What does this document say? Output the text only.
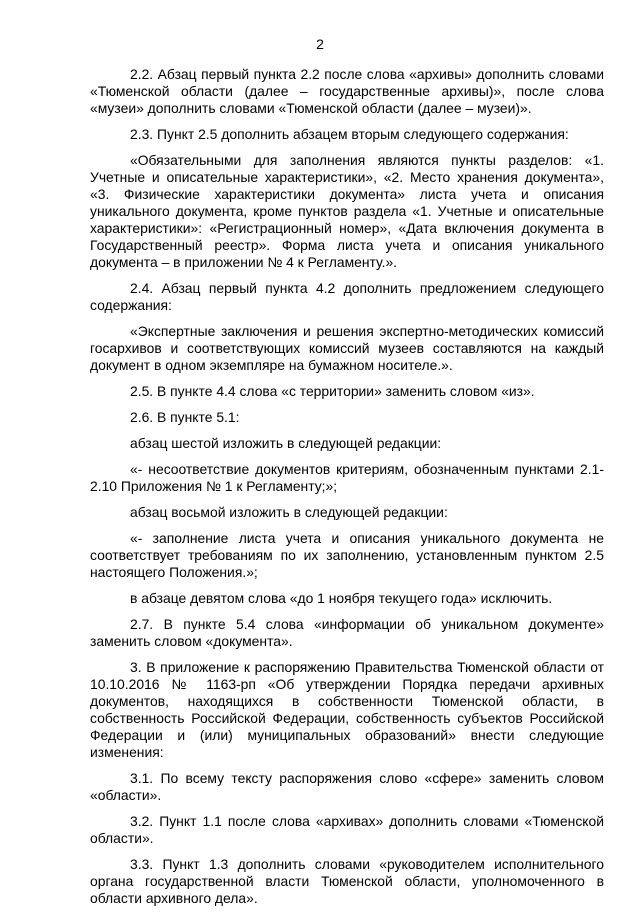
2

2.2. Абзац первый пункта 2.2 после слова «архивы» дополнить словами «Тюменской области (далее – государственные архивы)», после слова «музеи» дополнить словами «Тюменской области (далее – музеи)».

2.3. Пункт 2.5 дополнить абзацем вторым следующего содержания:

«Обязательными для заполнения являются пункты разделов: «1. Учетные и описательные характеристики», «2. Место хранения документа», «3. Физические характеристики документа» листа учета и описания уникального документа, кроме пунктов раздела «1. Учетные и описательные характеристики»: «Регистрационный номер», «Дата включения документа в Государственный реестр». Форма листа учета и описания уникального документа – в приложении № 4 к Регламенту.».

2.4. Абзац первый пункта 4.2 дополнить предложением следующего содержания:

«Экспертные заключения и решения экспертно-методических комиссий госархивов и соответствующих комиссий музеев составляются на каждый документ в одном экземпляре на бумажном носителе.».

2.5. В пункте 4.4 слова «с территории» заменить словом «из».

2.6. В пункте 5.1:

абзац шестой изложить в следующей редакции:

«- несоответствие документов критериям, обозначенным пунктами 2.1-2.10 Приложения № 1 к Регламенту;»;

абзац восьмой изложить в следующей редакции:

«- заполнение листа учета и описания уникального документа не соответствует требованиям по их заполнению, установленным пунктом 2.5 настоящего Положения.»;

в абзаце девятом слова «до 1 ноября текущего года» исключить.

2.7. В пункте 5.4 слова «информации об уникальном документе» заменить словом «документа».

3. В приложение к распоряжению Правительства Тюменской области от 10.10.2016 № 1163-рп «Об утверждении Порядка передачи архивных документов, находящихся в собственности Тюменской области, в собственность Российской Федерации, собственность субъектов Российской Федерации и (или) муниципальных образований» внести следующие изменения:

3.1. По всему тексту распоряжения слово «сфере» заменить словом «области».

3.2. Пункт 1.1 после слова «архивах» дополнить словами «Тюменской области».

3.3. Пункт 1.3 дополнить словами «руководителем исполнительного органа государственной власти Тюменской области, уполномоченного в области архивного дела».
